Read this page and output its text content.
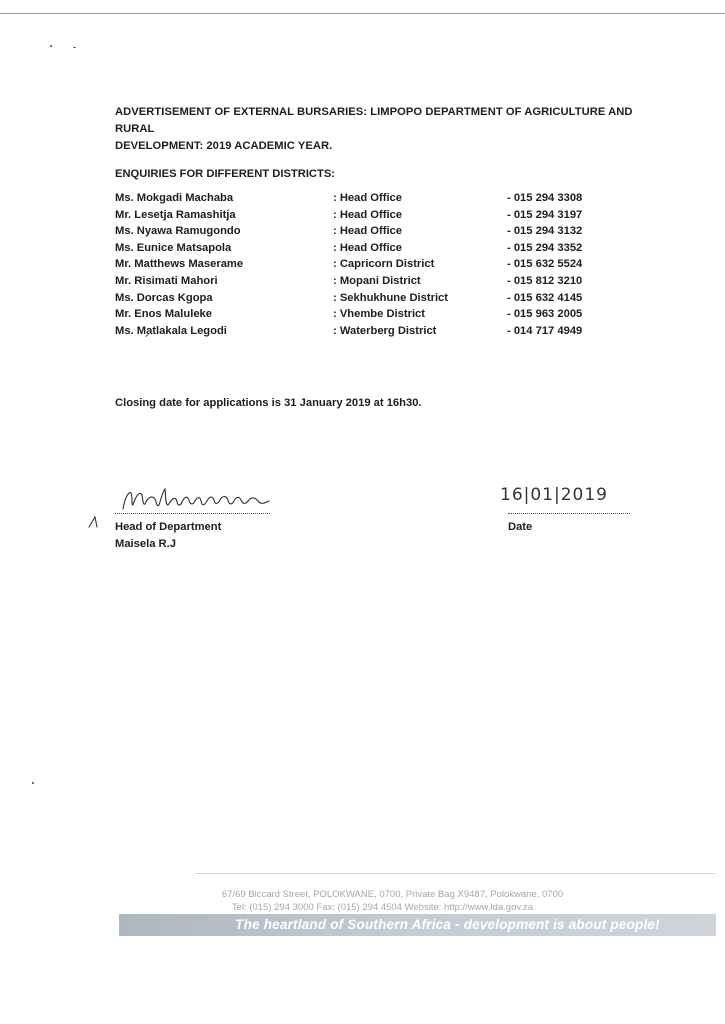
ADVERTISEMENT OF EXTERNAL BURSARIES: LIMPOPO DEPARTMENT OF AGRICULTURE AND RURAL
DEVELOPMENT: 2019 ACADEMIC YEAR.
ENQUIRIES FOR DIFFERENT DISTRICTS:
Ms. Mokgadi Machaba	: Head Office	- 015 294 3308
Mr. Lesetja Ramashitja	: Head Office	- 015 294 3197
Ms. Nyawa Ramugondo	: Head Office	- 015 294 3132
Ms. Eunice Matsapola	: Head Office	- 015 294 3352
Mr. Matthews Maserame	: Capricorn District	- 015 632 5524
Mr. Risimati Mahori	: Mopani District	- 015 812 3210
Ms. Dorcas Kgopa	: Sekhukhune District	- 015 632 4145
Mr. Enos Maluleke	: Vhembe District	- 015 963 2005
Ms. Matlakala Legodi	: Waterberg District	- 014 717 4949
Closing date for applications is 31 January 2019 at 16h30.
Head of Department
Maisela R.J
16|01|2019
Date
67/69 Biccard Street, POLOKWANE, 0700, Private Bag X9487, Polokwane, 0700
Tel: (015) 294 3000 Fax: (015) 294 4504 Website: http://www.lda.gov.za
The heartland of Southern Africa - development is about people!
